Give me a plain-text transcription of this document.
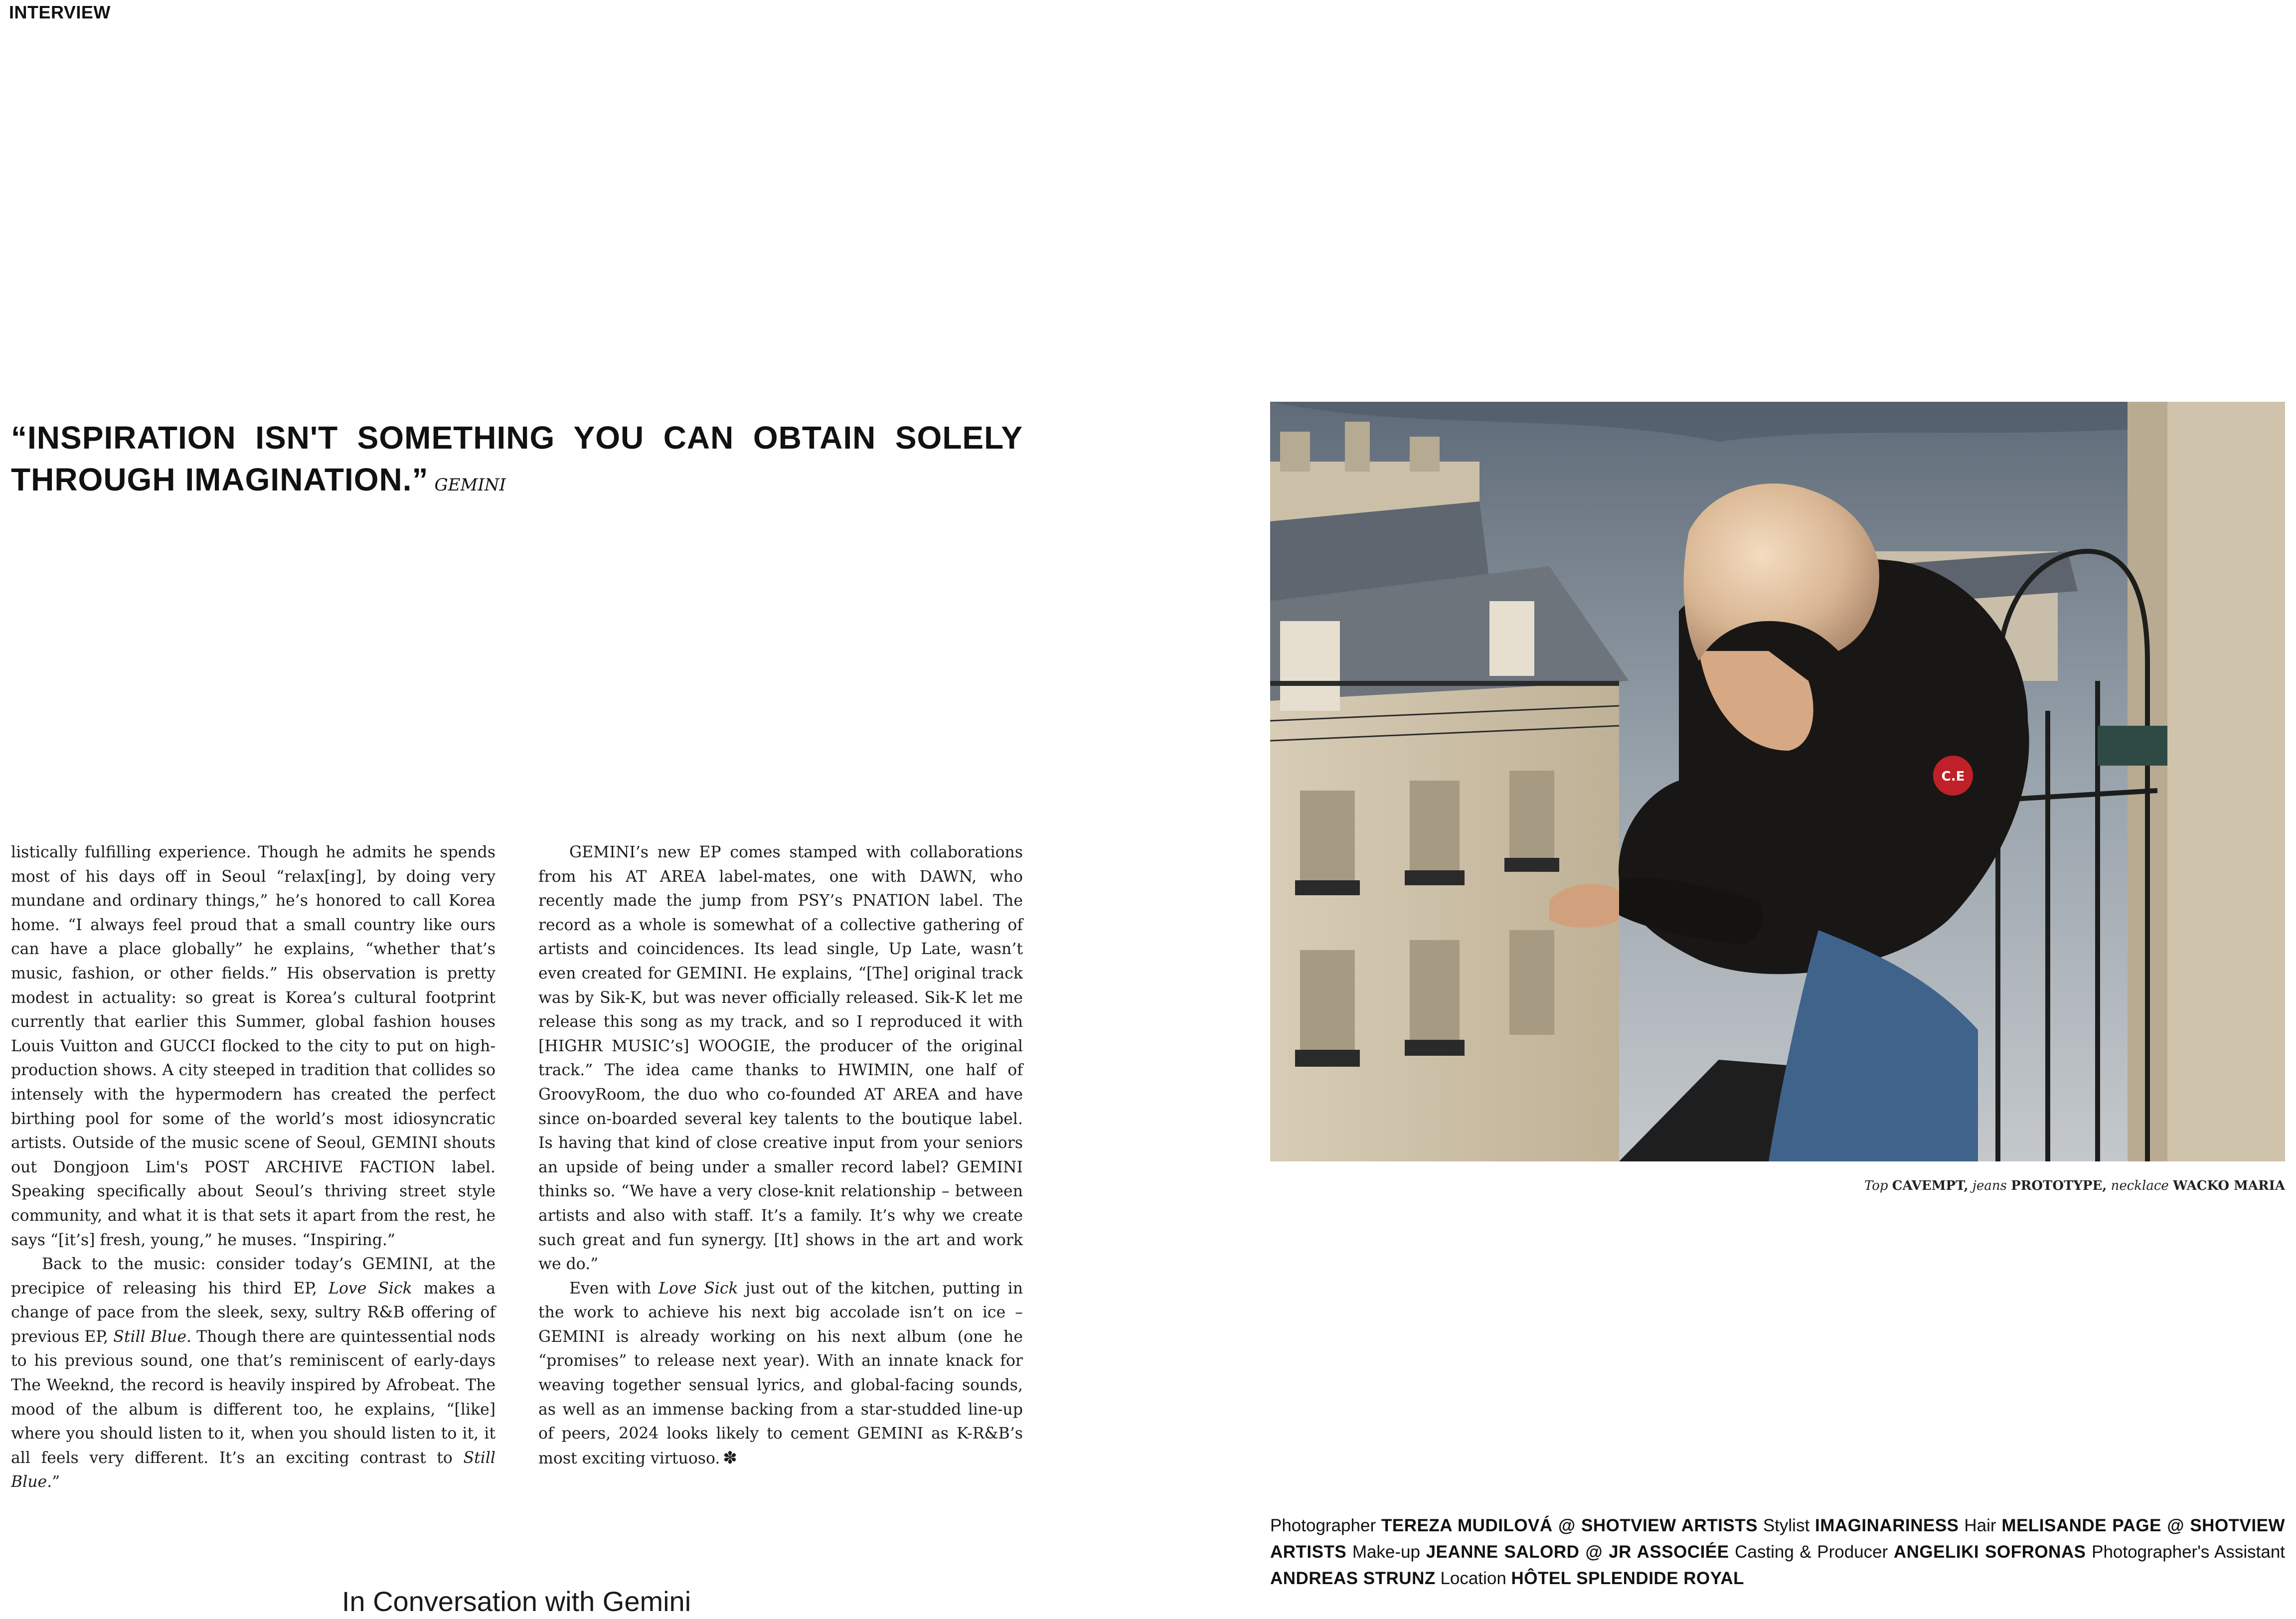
INTERVIEW
“INSPIRATION ISN'T SOMETHING YOU CAN OBTAIN SOLELY THROUGH IMAGINATION.” GEMINI

listically fulfilling experience. Though he admits he spends most of his days off in Seoul “relax[ing], by doing very mundane and ordinary things,” he’s honored to call Korea home. “I always feel proud that a small country like ours can have a place globally” he explains, “whether that’s music, fashion, or other fields.” His observation is pretty modest in actuality: so great is Korea’s cultural footprint currently that earlier this Summer, global fashion houses Louis Vuitton and GUCCI flocked to the city to put on high-production shows. A city steeped in tradition that collides so intensely with the hypermodern has created the perfect birthing pool for some of the world’s most idiosyncratic artists. Outside of the music scene of Seoul, GEMINI shouts out Dongjoon Lim's POST ARCHIVE FACTION label. Speaking specifically about Seoul’s thriving street style community, and what it is that sets it apart from the rest, he says “[it’s] fresh, young,” he muses. “Inspiring.”

Back to the music: consider today’s GEMINI, at the precipice of releasing his third EP, Love Sick makes a change of pace from the sleek, sexy, sultry R&B offering of previous EP, Still Blue. Though there are quintessential nods to his previous sound, one that’s reminiscent of early-days The Weeknd, the record is heavily inspired by Afrobeat. The mood of the album is different too, he explains, “[like] where you should listen to it, when you should listen to it, it all feels very different. It’s an exciting contrast to Still Blue.”

GEMINI’s new EP comes stamped with collaborations from his AT AREA label-mates, one with DAWN, who recently made the jump from PSY’s PNATION label. The record as a whole is somewhat of a collective gathering of artists and coincidences. Its lead single, Up Late, wasn’t even created for GEMINI. He explains, “[The] original track was by Sik-K, but was never officially released. Sik-K let me release this song as my track, and so I reproduced it with [HIGHR MUSIC’s] WOOGIE, the producer of the original track.” The idea came thanks to HWIMIN, one half of GroovyRoom, the duo who co-founded AT AREA and have since on-boarded several key talents to the boutique label. Is having that kind of close creative input from your seniors an upside of being under a smaller record label? GEMINI thinks so. “We have a very close-knit relationship – between artists and also with staff. It’s a family. It’s why we create such great and fun synergy. [It] shows in the art and work we do.”

Even with Love Sick just out of the kitchen, putting in the work to achieve his next big accolade isn’t on ice – GEMINI is already working on his next album (one he “promises” to release next year). With an innate knack for weaving together sensual lyrics, and global-facing sounds, as well as an immense backing from a star-studded line-up of peers, 2024 looks likely to cement GEMINI as K-R&B’s most exciting virtuoso. ✽

C.E
Top CAVEMPT, jeans PROTOTYPE, necklace WACKO MARIA
Photographer TEREZA MUDILOVÁ @ SHOTVIEW ARTISTS Stylist IMAGINARINESS Hair MELISANDE PAGE @ SHOTVIEW ARTISTS Make-up JEANNE SALORD @ JR ASSOCIÉE Casting & Producer ANGELIKI SOFRONAS Photographer's Assistant ANDREAS STRUNZ Location HÔTEL SPLENDIDE ROYAL
In Conversation with Gemini
